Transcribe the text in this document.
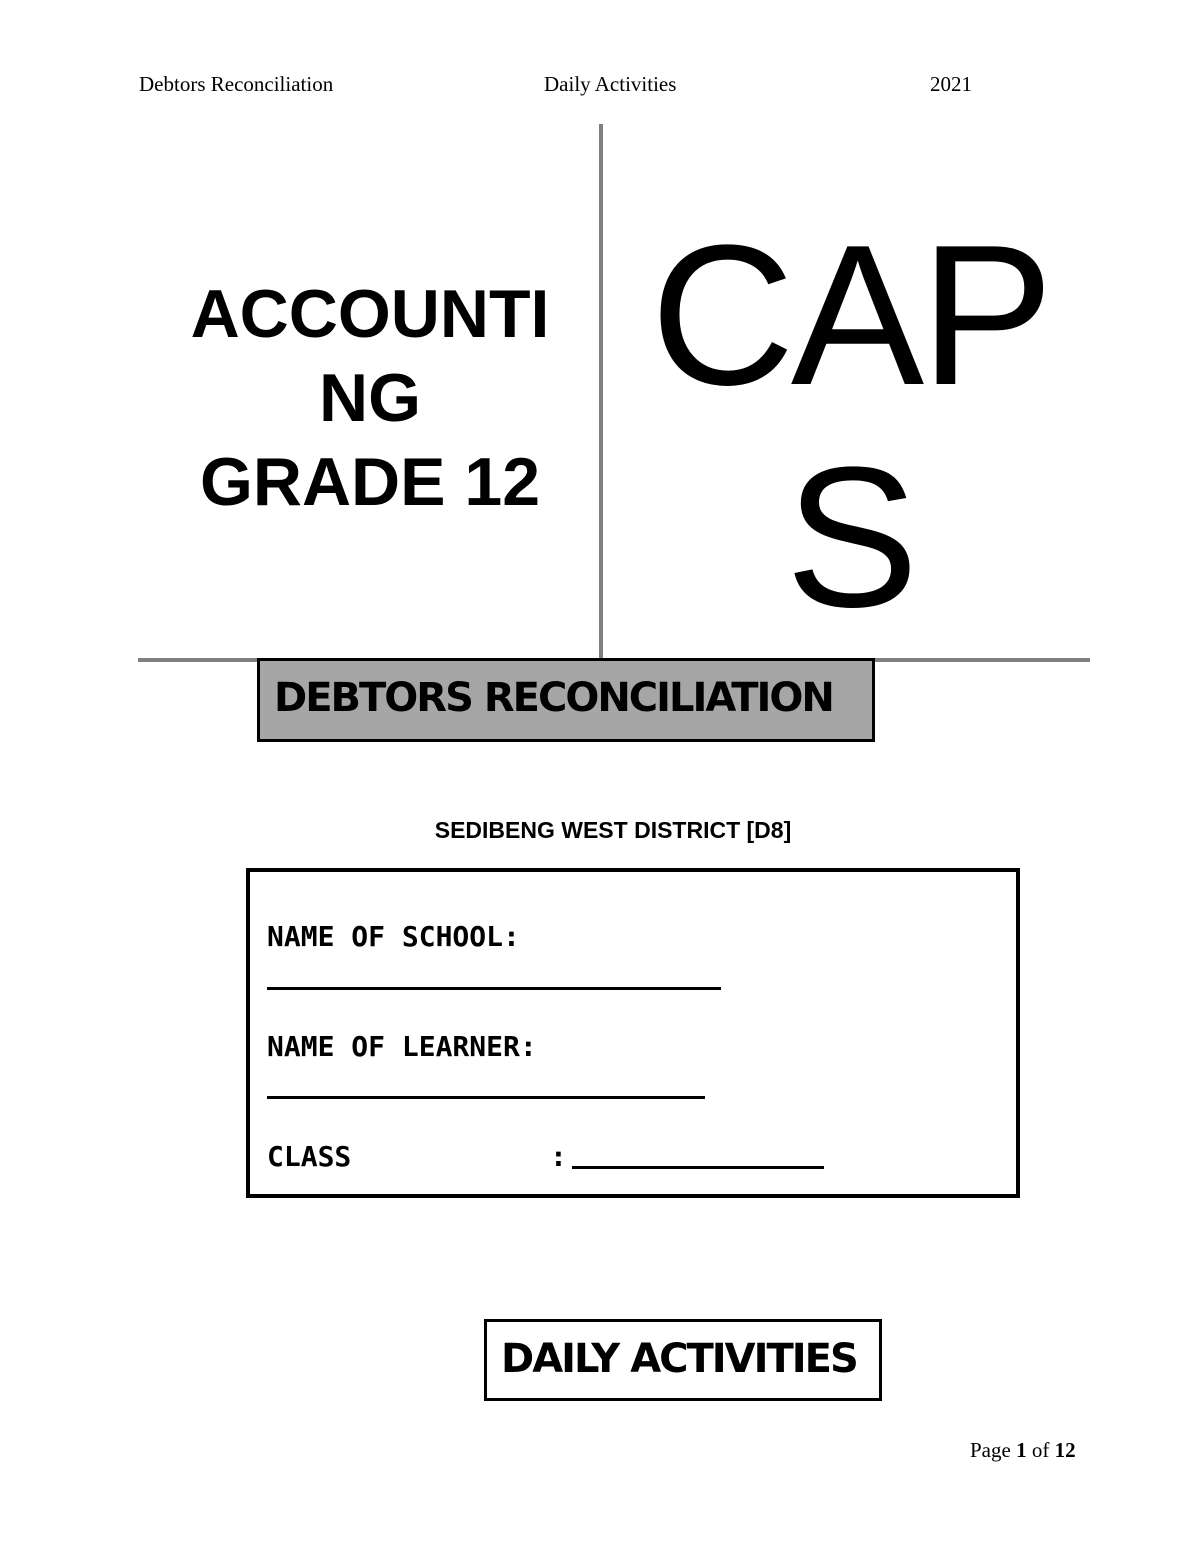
Debtors Reconciliation	Daily Activities	2021
ACCOUNTI
NG
GRADE 12
CAP
S
DEBTORS RECONCILIATION
SEDIBENG WEST DISTRICT [D8]
NAME OF SCHOOL:
NAME OF LEARNER:
CLASS	:
DAILY ACTIVITIES
Page 1 of 12
